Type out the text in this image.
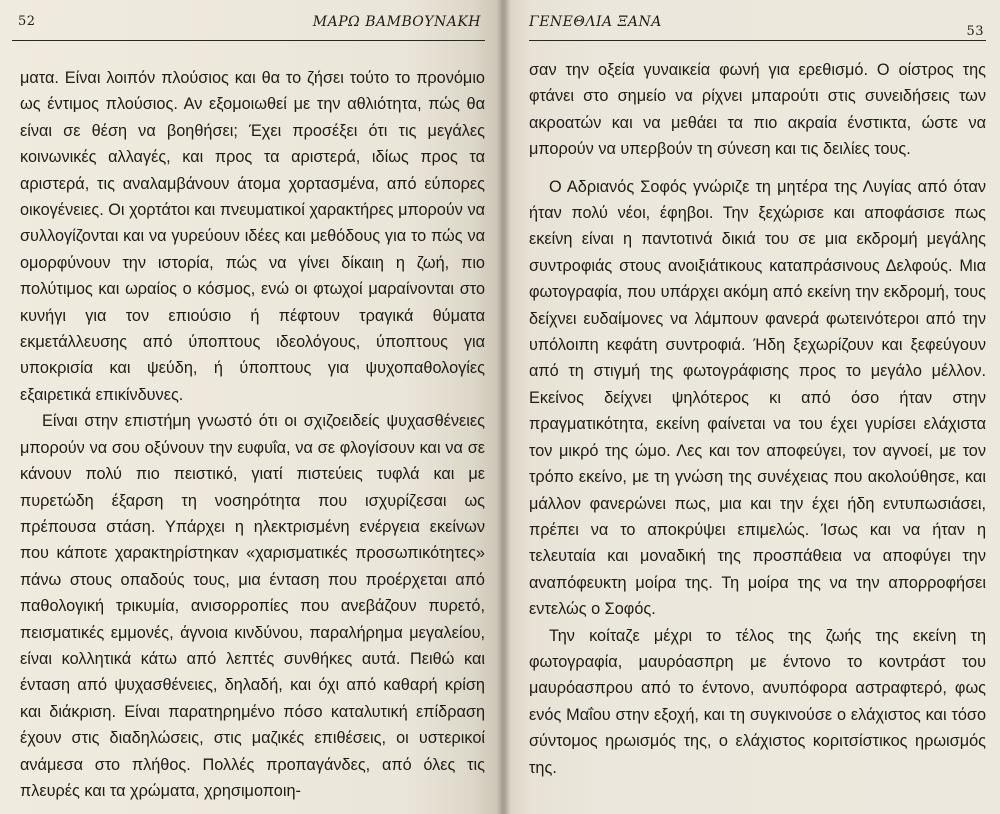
52	ΜΑΡΩ ΒΑΜΒΟΥΝΑΚΗ

ματα. Είναι λοιπόν πλούσιος και θα το ζήσει τούτο το προνόμιο ως έντιμος πλούσιος. Αν εξομοιωθεί με την αθλιότητα, πώς θα είναι σε θέση να βοηθήσει; Έχει προσέξει ότι τις μεγάλες κοινωνικές αλλαγές, και προς τα αριστερά, ιδίως προς τα αριστερά, τις αναλαμβάνουν άτομα χορτασμένα, από εύπορες οικογένειες. Οι χορτάτοι και πνευματικοί χαρακτήρες μπορούν να συλλογίζονται και να γυρεύουν ιδέες και μεθόδους για το πώς να ομορφύνουν την ιστορία, πώς να γίνει δίκαιη η ζωή, πιο πολύτιμος και ωραίος ο κόσμος, ενώ οι φτωχοί μαραίνονται στο κυνήγι για τον επιούσιο ή πέφτουν τραγικά θύματα εκμετάλλευσης από ύποπτους ιδεολόγους, ύποπτους για υποκρισία και ψεύδη, ή ύποπτους για ψυχοπαθολογίες εξαιρετικά επικίνδυνες.

Είναι στην επιστήμη γνωστό ότι οι σχιζοειδείς ψυχασθένειες μπορούν να σου οξύνουν την ευφυΐα, να σε φλογίσουν και να σε κάνουν πολύ πιο πειστικό, γιατί πιστεύεις τυφλά και με πυρετώδη έξαρση τη νοσηρότητα που ισχυρίζεσαι ως πρέπουσα στάση. Υπάρχει η ηλεκτρισμένη ενέργεια εκείνων που κάποτε χαρακτηρίστηκαν «χαρισματικές προσωπικότητες» πάνω στους οπαδούς τους, μια ένταση που προέρχεται από παθολογική τρικυμία, ανισορροπίες που ανεβάζουν πυρετό, πεισματικές εμμονές, άγνοια κινδύνου, παραλήρημα μεγαλείου, είναι κολλητικά κάτω από λεπτές συνθήκες αυτά. Πειθώ και ένταση από ψυχασθένειες, δηλαδή, και όχι από καθαρή κρίση και διάκριση. Είναι παρατηρημένο πόσο καταλυτική επίδραση έχουν στις διαδηλώσεις, στις μαζικές επιθέσεις, οι υστερικοί ανάμεσα στο πλήθος. Πολλές προπαγάνδες, από όλες τις πλευρές και τα χρώματα, χρησιμοποιη-

ΓΕΝΕΘΛΙΑ ΞΑΝΑ
53

σαν την οξεία γυναικεία φωνή για ερεθισμό. Ο οίστρος της φτάνει στο σημείο να ρίχνει μπαρούτι στις συνειδήσεις των ακροατών και να μεθάει τα πιο ακραία ένστικτα, ώστε να μπορούν να υπερβούν τη σύνεση και τις δειλίες τους.

Ο Αδριανός Σοφός γνώριζε τη μητέρα της Λυγίας από όταν ήταν πολύ νέοι, έφηβοι. Την ξεχώρισε και αποφάσισε πως εκείνη είναι η παντοτινά δικιά του σε μια εκδρομή μεγάλης συντροφιάς στους ανοιξιάτικους καταπράσινους Δελφούς. Μια φωτογραφία, που υπάρχει ακόμη από εκείνη την εκδρομή, τους δείχνει ευδαίμονες να λάμπουν φανερά φωτεινότεροι από την υπόλοιπη κεφάτη συντροφιά. Ήδη ξεχωρίζουν και ξεφεύγουν από τη στιγμή της φωτογράφισης προς το μεγάλο μέλλον. Εκείνος δείχνει ψηλότερος κι από όσο ήταν στην πραγματικότητα, εκείνη φαίνεται να του έχει γυρίσει ελάχιστα τον μικρό της ώμο. Λες και τον αποφεύγει, τον αγνοεί, με τον τρόπο εκείνο, με τη γνώση της συνέχειας που ακολούθησε, και μάλλον φανερώνει πως, μια και την έχει ήδη εντυπωσιάσει, πρέπει να το αποκρύψει επιμελώς. Ίσως και να ήταν η τελευταία και μοναδική της προσπάθεια να αποφύγει την αναπόφευκτη μοίρα της. Τη μοίρα της να την απορροφήσει εντελώς ο Σοφός.

Την κοίταζε μέχρι το τέλος της ζωής της εκείνη τη φωτογραφία, μαυρόασπρη με έντονο το κοντράστ του μαυρόασπρου από το έντονο, ανυπόφορα αστραφτερό, φως ενός Μαΐου στην εξοχή, και τη συγκινούσε ο ελάχιστος και τόσο σύντομος ηρωισμός της, ο ελάχιστος κοριτσίστικος ηρωισμός της.
